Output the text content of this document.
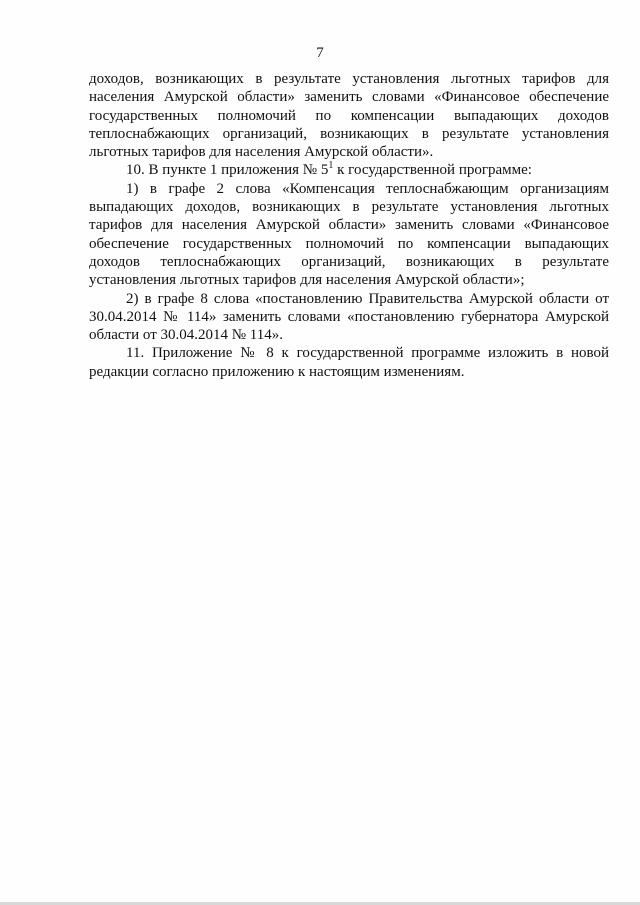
7
доходов, возникающих в результате установления льготных тарифов для
населения Амурской области» заменить словами «Финансовое обеспечение
государственных полномочий по компенсации выпадающих доходов
теплоснабжающих организаций, возникающих в результате установления
льготных тарифов для населения Амурской области».
10. В пункте 1 приложения № $5^1$ к государственной программе:
1) в графе 2 слова «Компенсация теплоснабжающим организациям
выпадающих доходов, возникающих в результате установления льготных
тарифов для населения Амурской области» заменить словами «Финансовое
обеспечение государственных полномочий по компенсации выпадающих
доходов теплоснабжающих организаций, возникающих в результате
установления льготных тарифов для населения Амурской области»;
2) в графе 8 слова «постановлению Правительства Амурской области от
30.04.2014 № 114» заменить словами «постановлению губернатора Амурской
области от 30.04.2014 № 114».
11. Приложение № 8 к государственной программе изложить в новой
редакции согласно приложению к настоящим изменениям.
